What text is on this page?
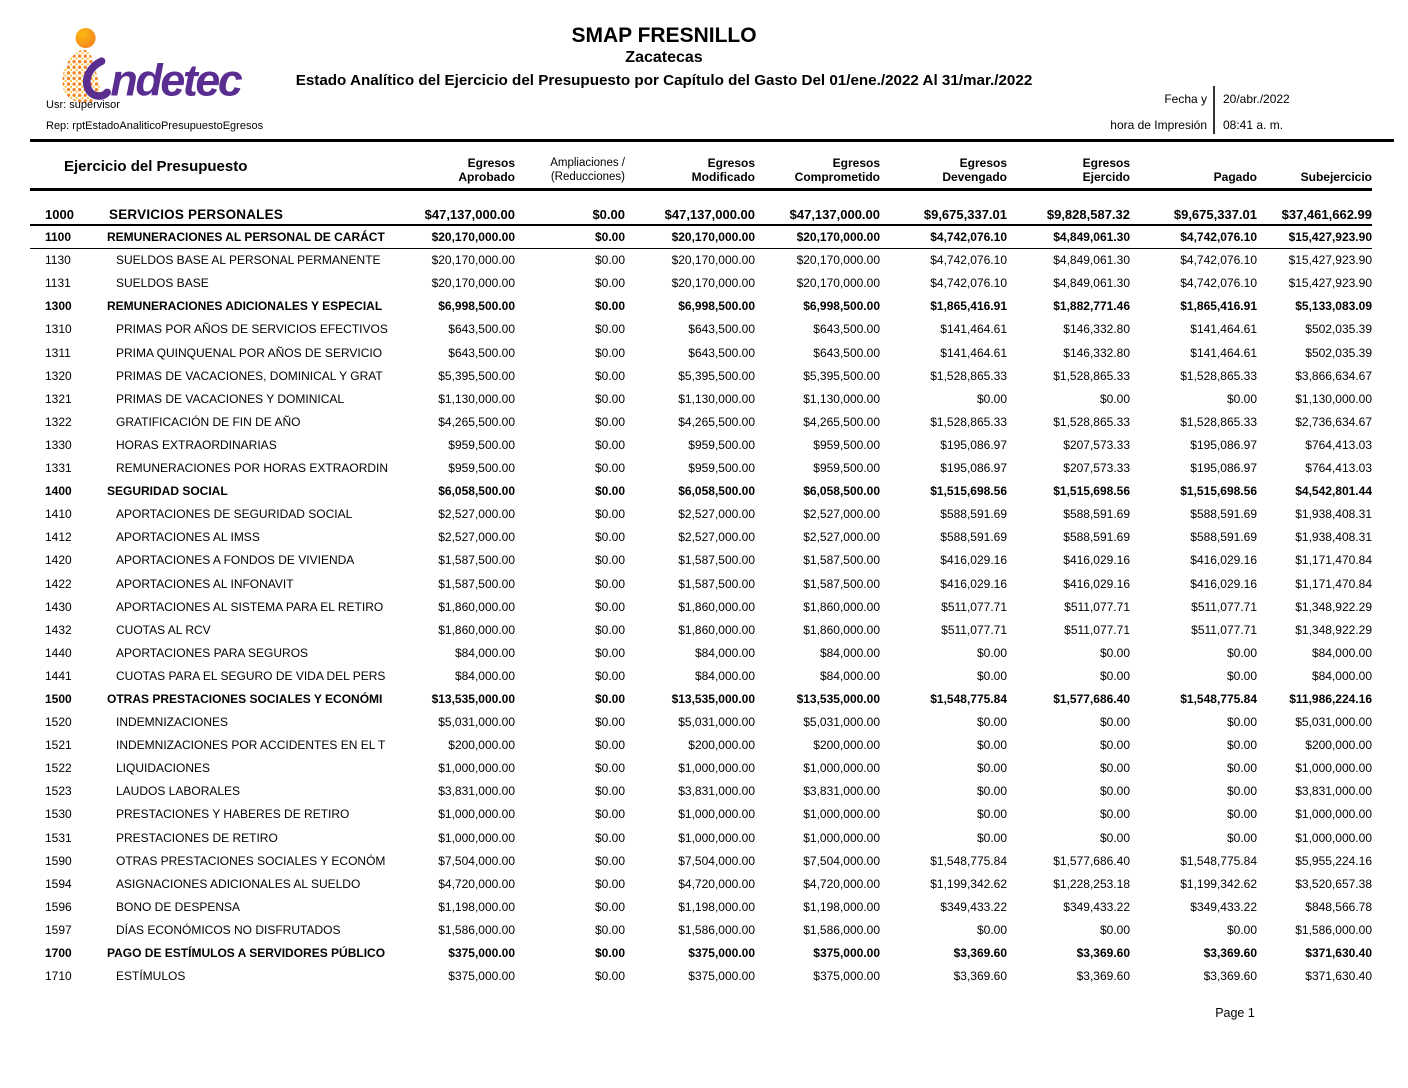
ndetec
SMAP FRESNILLO
Zacatecas
Estado Analítico del Ejercicio del Presupuesto por Capítulo del Gasto Del 01/ene./2022 Al 31/mar./2022
Usr: supervisor
Rep: rptEstadoAnaliticoPresupuestoEgresos
Fecha y
hora de Impresión
20/abr./2022
08:41 a. m.
Ejercicio del Presupuesto	Egresos
Aprobado
Ampliaciones /
(Reducciones)
Egresos
Modificado
Egresos
Comprometido
Egresos
Devengado
Egresos
Ejercido	Pagado	Subejercicio
1000	SERVICIOS PERSONALES	$47,137,000.00	$0.00	$47,137,000.00	$47,137,000.00	$9,675,337.01	$9,828,587.32	$9,675,337.01	$37,461,662.99
1100	REMUNERACIONES AL PERSONAL DE CARÁCT	$20,170,000.00	$0.00	$20,170,000.00	$20,170,000.00	$4,742,076.10	$4,849,061.30	$4,742,076.10	$15,427,923.90
1130	SUELDOS BASE AL PERSONAL PERMANENTE	$20,170,000.00	$0.00	$20,170,000.00	$20,170,000.00	$4,742,076.10	$4,849,061.30	$4,742,076.10	$15,427,923.90
1131	SUELDOS BASE	$20,170,000.00	$0.00	$20,170,000.00	$20,170,000.00	$4,742,076.10	$4,849,061.30	$4,742,076.10	$15,427,923.90
1300	REMUNERACIONES ADICIONALES Y ESPECIAL	$6,998,500.00	$0.00	$6,998,500.00	$6,998,500.00	$1,865,416.91	$1,882,771.46	$1,865,416.91	$5,133,083.09
1310	PRIMAS POR AÑOS DE SERVICIOS EFECTIVOS	$643,500.00	$0.00	$643,500.00	$643,500.00	$141,464.61	$146,332.80	$141,464.61	$502,035.39
1311	PRIMA QUINQUENAL POR AÑOS DE SERVICIO	$643,500.00	$0.00	$643,500.00	$643,500.00	$141,464.61	$146,332.80	$141,464.61	$502,035.39
1320	PRIMAS DE VACACIONES, DOMINICAL Y GRAT	$5,395,500.00	$0.00	$5,395,500.00	$5,395,500.00	$1,528,865.33	$1,528,865.33	$1,528,865.33	$3,866,634.67
1321	PRIMAS DE VACACIONES Y DOMINICAL	$1,130,000.00	$0.00	$1,130,000.00	$1,130,000.00	$0.00	$0.00	$0.00	$1,130,000.00
1322	GRATIFICACIÓN DE FIN DE AÑO	$4,265,500.00	$0.00	$4,265,500.00	$4,265,500.00	$1,528,865.33	$1,528,865.33	$1,528,865.33	$2,736,634.67
1330	HORAS EXTRAORDINARIAS	$959,500.00	$0.00	$959,500.00	$959,500.00	$195,086.97	$207,573.33	$195,086.97	$764,413.03
1331	REMUNERACIONES POR HORAS EXTRAORDIN	$959,500.00	$0.00	$959,500.00	$959,500.00	$195,086.97	$207,573.33	$195,086.97	$764,413.03
1400	SEGURIDAD SOCIAL	$6,058,500.00	$0.00	$6,058,500.00	$6,058,500.00	$1,515,698.56	$1,515,698.56	$1,515,698.56	$4,542,801.44
1410	APORTACIONES DE SEGURIDAD SOCIAL	$2,527,000.00	$0.00	$2,527,000.00	$2,527,000.00	$588,591.69	$588,591.69	$588,591.69	$1,938,408.31
1412	APORTACIONES AL IMSS	$2,527,000.00	$0.00	$2,527,000.00	$2,527,000.00	$588,591.69	$588,591.69	$588,591.69	$1,938,408.31
1420	APORTACIONES A FONDOS DE VIVIENDA	$1,587,500.00	$0.00	$1,587,500.00	$1,587,500.00	$416,029.16	$416,029.16	$416,029.16	$1,171,470.84
1422	APORTACIONES AL INFONAVIT	$1,587,500.00	$0.00	$1,587,500.00	$1,587,500.00	$416,029.16	$416,029.16	$416,029.16	$1,171,470.84
1430	APORTACIONES AL SISTEMA PARA EL RETIRO	$1,860,000.00	$0.00	$1,860,000.00	$1,860,000.00	$511,077.71	$511,077.71	$511,077.71	$1,348,922.29
1432	CUOTAS AL RCV	$1,860,000.00	$0.00	$1,860,000.00	$1,860,000.00	$511,077.71	$511,077.71	$511,077.71	$1,348,922.29
1440	APORTACIONES PARA SEGUROS	$84,000.00	$0.00	$84,000.00	$84,000.00	$0.00	$0.00	$0.00	$84,000.00
1441	CUOTAS PARA EL SEGURO DE VIDA DEL PERS	$84,000.00	$0.00	$84,000.00	$84,000.00	$0.00	$0.00	$0.00	$84,000.00
1500	OTRAS PRESTACIONES SOCIALES Y ECONÓMI	$13,535,000.00	$0.00	$13,535,000.00	$13,535,000.00	$1,548,775.84	$1,577,686.40	$1,548,775.84	$11,986,224.16
1520	INDEMNIZACIONES	$5,031,000.00	$0.00	$5,031,000.00	$5,031,000.00	$0.00	$0.00	$0.00	$5,031,000.00
1521	INDEMNIZACIONES POR ACCIDENTES EN EL T	$200,000.00	$0.00	$200,000.00	$200,000.00	$0.00	$0.00	$0.00	$200,000.00
1522	LIQUIDACIONES	$1,000,000.00	$0.00	$1,000,000.00	$1,000,000.00	$0.00	$0.00	$0.00	$1,000,000.00
1523	LAUDOS LABORALES	$3,831,000.00	$0.00	$3,831,000.00	$3,831,000.00	$0.00	$0.00	$0.00	$3,831,000.00
1530	PRESTACIONES Y HABERES DE RETIRO	$1,000,000.00	$0.00	$1,000,000.00	$1,000,000.00	$0.00	$0.00	$0.00	$1,000,000.00
1531	PRESTACIONES DE RETIRO	$1,000,000.00	$0.00	$1,000,000.00	$1,000,000.00	$0.00	$0.00	$0.00	$1,000,000.00
1590	OTRAS PRESTACIONES SOCIALES Y ECONÓM	$7,504,000.00	$0.00	$7,504,000.00	$7,504,000.00	$1,548,775.84	$1,577,686.40	$1,548,775.84	$5,955,224.16
1594	ASIGNACIONES ADICIONALES AL SUELDO	$4,720,000.00	$0.00	$4,720,000.00	$4,720,000.00	$1,199,342.62	$1,228,253.18	$1,199,342.62	$3,520,657.38
1596	BONO DE DESPENSA	$1,198,000.00	$0.00	$1,198,000.00	$1,198,000.00	$349,433.22	$349,433.22	$349,433.22	$848,566.78
1597	DÍAS ECONÓMICOS NO DISFRUTADOS	$1,586,000.00	$0.00	$1,586,000.00	$1,586,000.00	$0.00	$0.00	$0.00	$1,586,000.00
1700	PAGO DE ESTÍMULOS A SERVIDORES PÚBLICO	$375,000.00	$0.00	$375,000.00	$375,000.00	$3,369.60	$3,369.60	$3,369.60	$371,630.40
1710	ESTÍMULOS	$375,000.00	$0.00	$375,000.00	$375,000.00	$3,369.60	$3,369.60	$3,369.60	$371,630.40
Page 1
